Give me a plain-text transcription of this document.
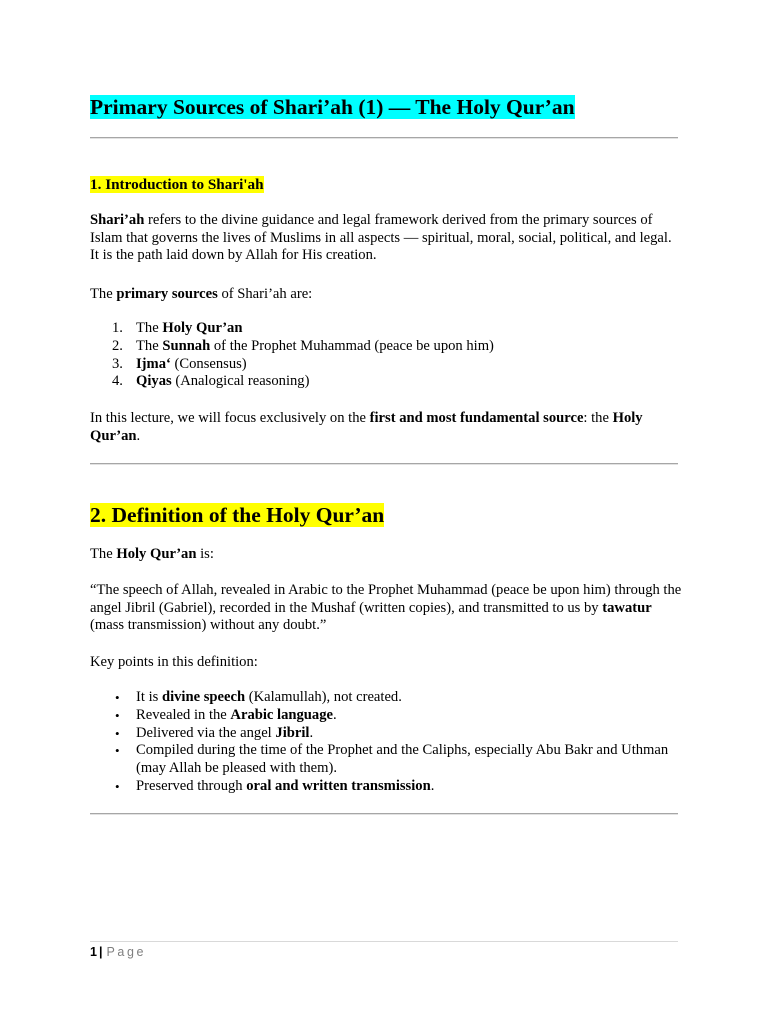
Primary Sources of Shari’ah (1) — The Holy Qur’an
1. Introduction to Shari'ah

Shari’ah refers to the divine guidance and legal framework derived from the primary sources of Islam that governs the lives of Muslims in all aspects — spiritual, moral, social, political, and legal. It is the path laid down by Allah for His creation.

The primary sources of Shari’ah are:

1. The Holy Qur’an
2. The Sunnah of the Prophet Muhammad (peace be upon him)
3. Ijma‘ (Consensus)
4. Qiyas (Analogical reasoning)

In this lecture, we will focus exclusively on the first and most fundamental source: the Holy Qur’an.

2. Definition of the Holy Qur’an

The Holy Qur’an is:

“The speech of Allah, revealed in Arabic to the Prophet Muhammad (peace be upon him) through the angel Jibril (Gabriel), recorded in the Mushaf (written copies), and transmitted to us by tawatur (mass transmission) without any doubt.”

Key points in this definition:

• It is divine speech (Kalamullah), not created.
• Revealed in the Arabic language.
• Delivered via the angel Jibril.
• Compiled during the time of the Prophet and the Caliphs, especially Abu Bakr and Uthman (may Allah be pleased with them).
• Preserved through oral and written transmission.
1 | Page
